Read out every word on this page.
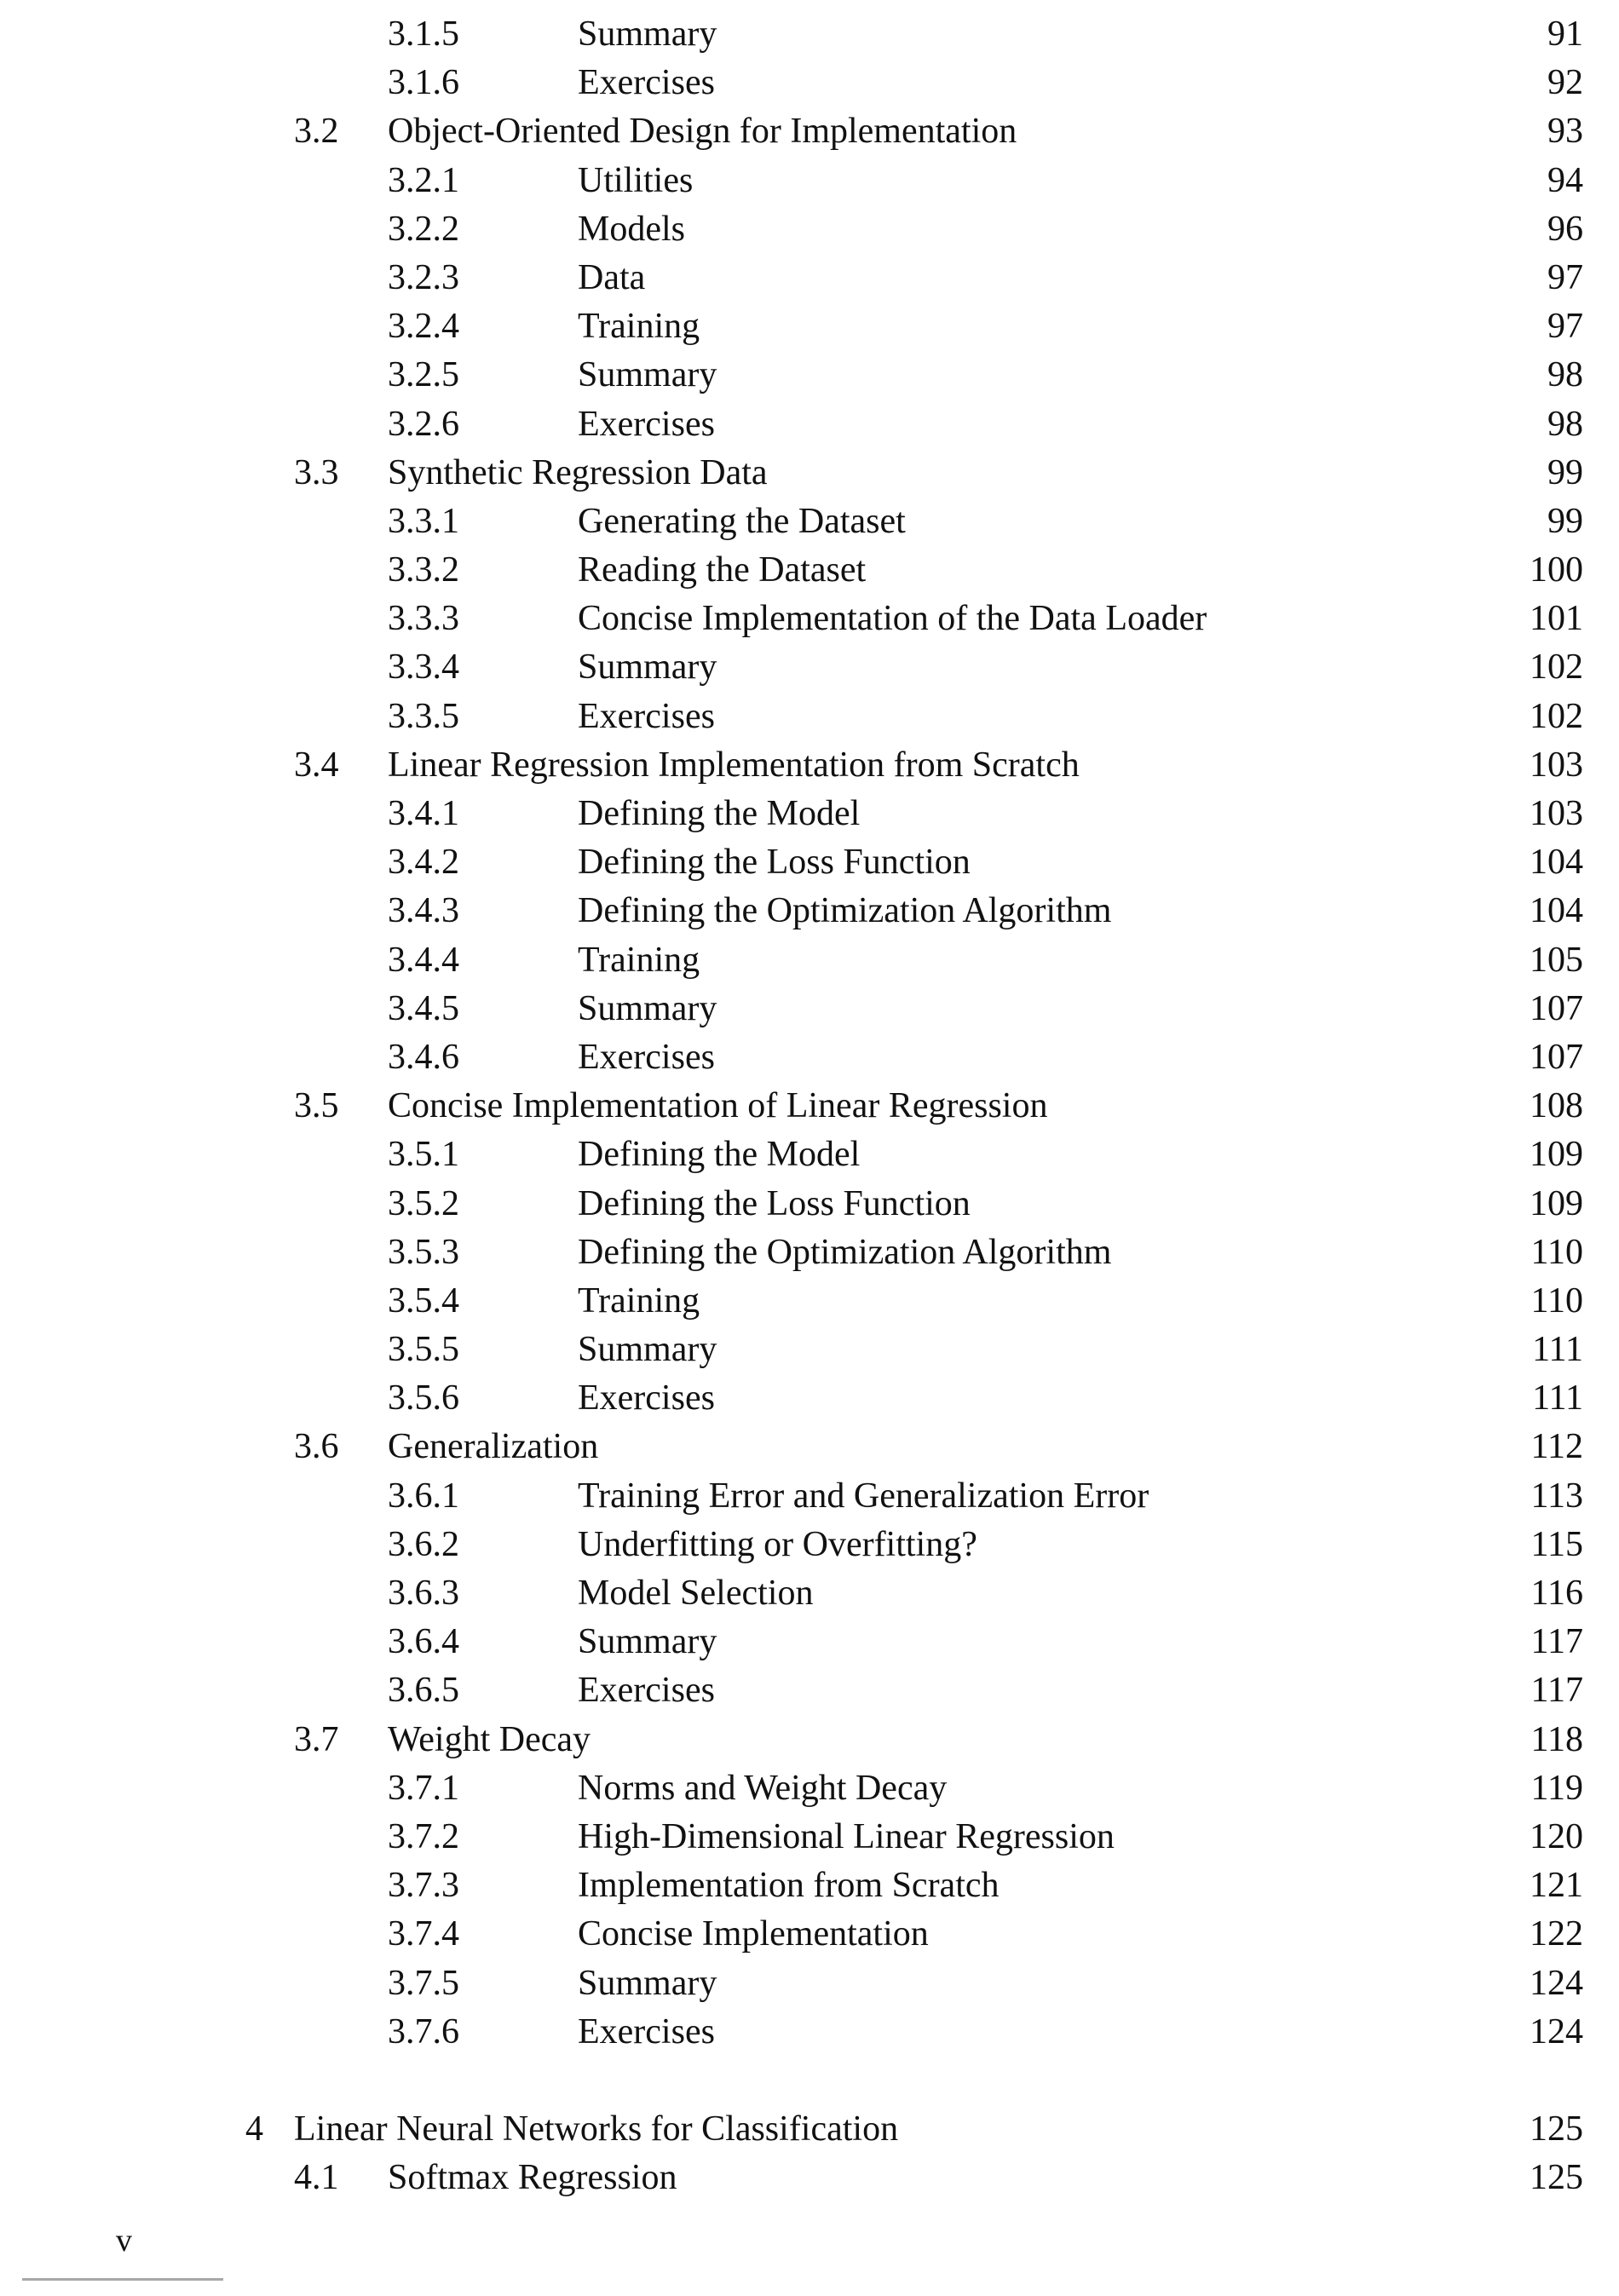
3.1.5	Summary	91
3.1.6	Exercises	92
3.2 Object-Oriented Design for Implementation	93
3.2.1	Utilities	94
3.2.2	Models	96
3.2.3	Data	97
3.2.4	Training	97
3.2.5	Summary	98
3.2.6	Exercises	98
3.3 Synthetic Regression Data	99
3.3.1	Generating the Dataset	99
3.3.2	Reading the Dataset	100
3.3.3	Concise Implementation of the Data Loader	101
3.3.4	Summary	102
3.3.5	Exercises	102
3.4 Linear Regression Implementation from Scratch	103
3.4.1	Defining the Model	103
3.4.2	Defining the Loss Function	104
3.4.3	Defining the Optimization Algorithm	104
3.4.4	Training	105
3.4.5	Summary	107
3.4.6	Exercises	107
3.5 Concise Implementation of Linear Regression	108
3.5.1	Defining the Model	109
3.5.2	Defining the Loss Function	109
3.5.3	Defining the Optimization Algorithm	110
3.5.4	Training	110
3.5.5	Summary	111
3.5.6	Exercises	111
3.6 Generalization	112
3.6.1	Training Error and Generalization Error	113
3.6.2	Underfitting or Overfitting?	115
3.6.3	Model Selection	116
3.6.4	Summary	117
3.6.5	Exercises	117
3.7 Weight Decay	118
3.7.1	Norms and Weight Decay	119
3.7.2	High-Dimensional Linear Regression	120
3.7.3	Implementation from Scratch	121
3.7.4	Concise Implementation	122
3.7.5	Summary	124
3.7.6	Exercises	124
4 Linear Neural Networks for Classification	125
4.1 Softmax Regression	125
v
